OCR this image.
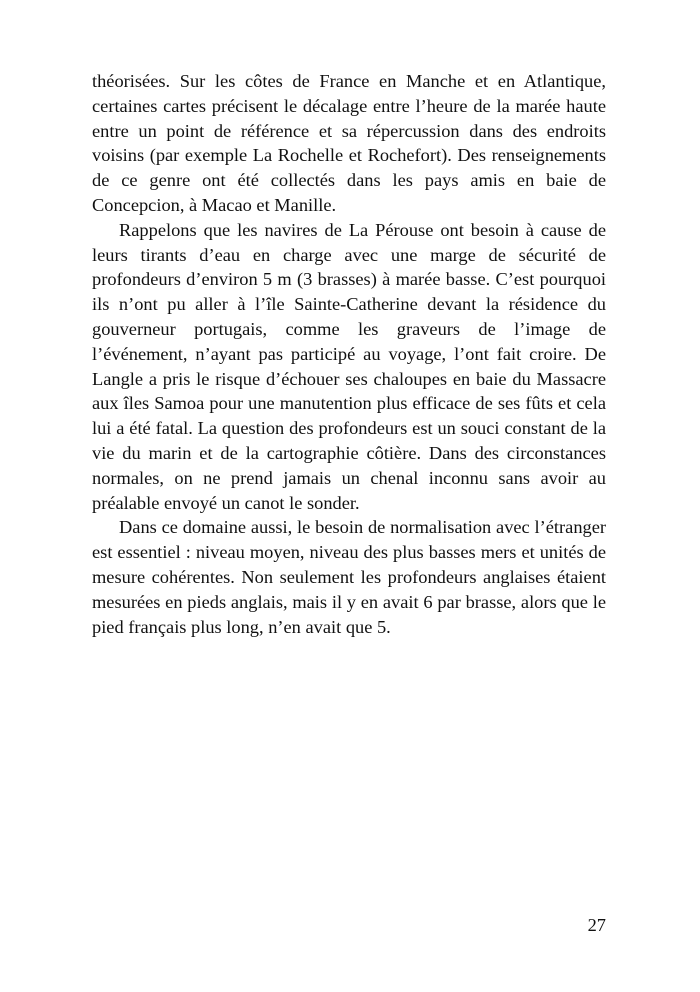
théorisées. Sur les côtes de France en Manche et en Atlantique, certaines cartes précisent le décalage entre l’heure de la marée haute entre un point de référence et sa répercussion dans des endroits voisins (par exemple La Rochelle et Rochefort). Des renseignements de ce genre ont été collectés dans les pays amis en baie de Concepcion, à Macao et Manille.

Rappelons que les navires de La Pérouse ont besoin à cause de leurs tirants d’eau en charge avec une marge de sécurité de profondeurs d’environ 5 m (3 brasses) à marée basse. C’est pourquoi ils n’ont pu aller à l’île Sainte-Catherine devant la résidence du gouverneur portugais, comme les graveurs de l’image de l’événement, n’ayant pas participé au voyage, l’ont fait croire. De Langle a pris le risque d’échouer ses chaloupes en baie du Massacre aux îles Samoa pour une manutention plus efficace de ses fûts et cela lui a été fatal. La question des profondeurs est un souci constant de la vie du marin et de la cartographie côtière. Dans des circonstances normales, on ne prend jamais un chenal inconnu sans avoir au préalable envoyé un canot le sonder.

Dans ce domaine aussi, le besoin de normalisation avec l’étranger est essentiel : niveau moyen, niveau des plus basses mers et unités de mesure cohérentes. Non seulement les profondeurs anglaises étaient mesurées en pieds anglais, mais il y en avait 6 par brasse, alors que le pied français plus long, n’en avait que 5.

27
